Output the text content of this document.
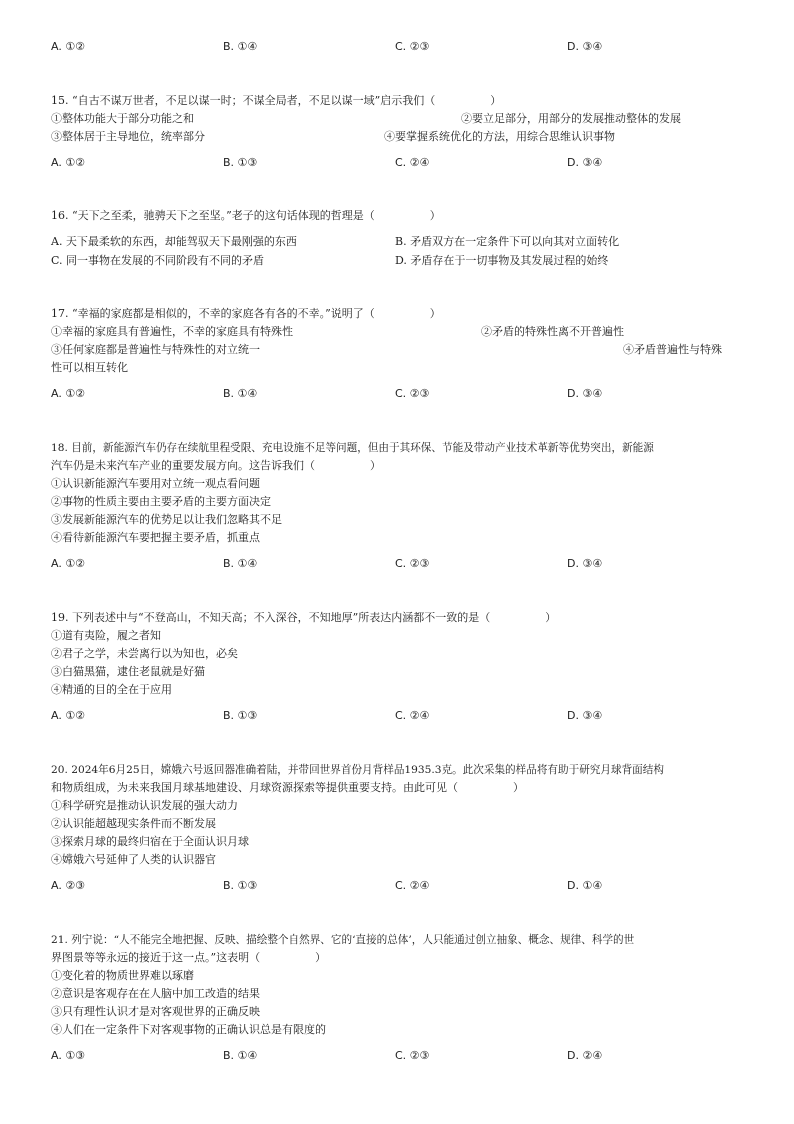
A. ①②	B. ①④	C. ②③	D. ③④
15. “自古不谋万世者，不足以谋一时；不谋全局者，不足以谋一域”启示我们（　　　　　）
①整体功能大于部分功能之和	②要立足部分，用部分的发展推动整体的发展
③整体居于主导地位，统率部分	④要掌握系统优化的方法，用综合思维认识事物
A. ①②	B. ①③	C. ②④	D. ③④
16. “天下之至柔，驰骋天下之至坚。”老子的这句话体现的哲理是（　　　　　）
A. 天下最柔软的东西，却能驾驭天下最刚强的东西	B. 矛盾双方在一定条件下可以向其对立面转化
C. 同一事物在发展的不同阶段有不同的矛盾	D. 矛盾存在于一切事物及其发展过程的始终
17. “幸福的家庭都是相似的，不幸的家庭各有各的不幸。”说明了（　　　　　）
①幸福的家庭具有普遍性，不幸的家庭具有特殊性	②矛盾的特殊性离不开普遍性
③任何家庭都是普遍性与特殊性的对立统一	④矛盾普遍性与特殊
性可以相互转化
A. ①②	B. ①④	C. ②③	D. ③④
18. 目前，新能源汽车仍存在续航里程受限、充电设施不足等问题，但由于其环保、节能及带动产业技术革新等优势突出，新能源
汽车仍是未来汽车产业的重要发展方向。这告诉我们（　　　　　）
①认识新能源汽车要用对立统一观点看问题
②事物的性质主要由主要矛盾的主要方面决定
③发展新能源汽车的优势足以让我们忽略其不足
④看待新能源汽车要把握主要矛盾，抓重点
A. ①②	B. ①④	C. ②③	D. ③④
19. 下列表述中与“不登高山，不知天高；不入深谷，不知地厚”所表达内涵都不一致的是（　　　　　）
①道有夷险，履之者知
②君子之学，未尝离行以为知也，必矣
③白猫黑猫，逮住老鼠就是好猫
④精通的目的全在于应用
A. ①②	B. ①③	C. ②④	D. ③④
20. 2024年6月25日，嫦娥六号返回器准确着陆，并带回世界首份月背样品1935.3克。此次采集的样品将有助于研究月球背面结构
和物质组成，为未来我国月球基地建设、月球资源探索等提供重要支持。由此可见（　　　　　）
①科学研究是推动认识发展的强大动力
②认识能超越现实条件而不断发展
③探索月球的最终归宿在于全面认识月球
④嫦娥六号延伸了人类的认识器官
A. ②③	B. ①③	C. ②④	D. ①④
21. 列宁说：“人不能完全地把握、反映、描绘整个自然界、它的‘直接的总体’，人只能通过创立抽象、概念、规律、科学的世
界图景等等永远的接近于这一点。”这表明（　　　　　）
①变化着的物质世界难以琢磨
②意识是客观存在在人脑中加工改造的结果
③只有理性认识才是对客观世界的正确反映
④人们在一定条件下对客观事物的正确认识总是有限度的
A. ①③	B. ①④	C. ②③	D. ②④
